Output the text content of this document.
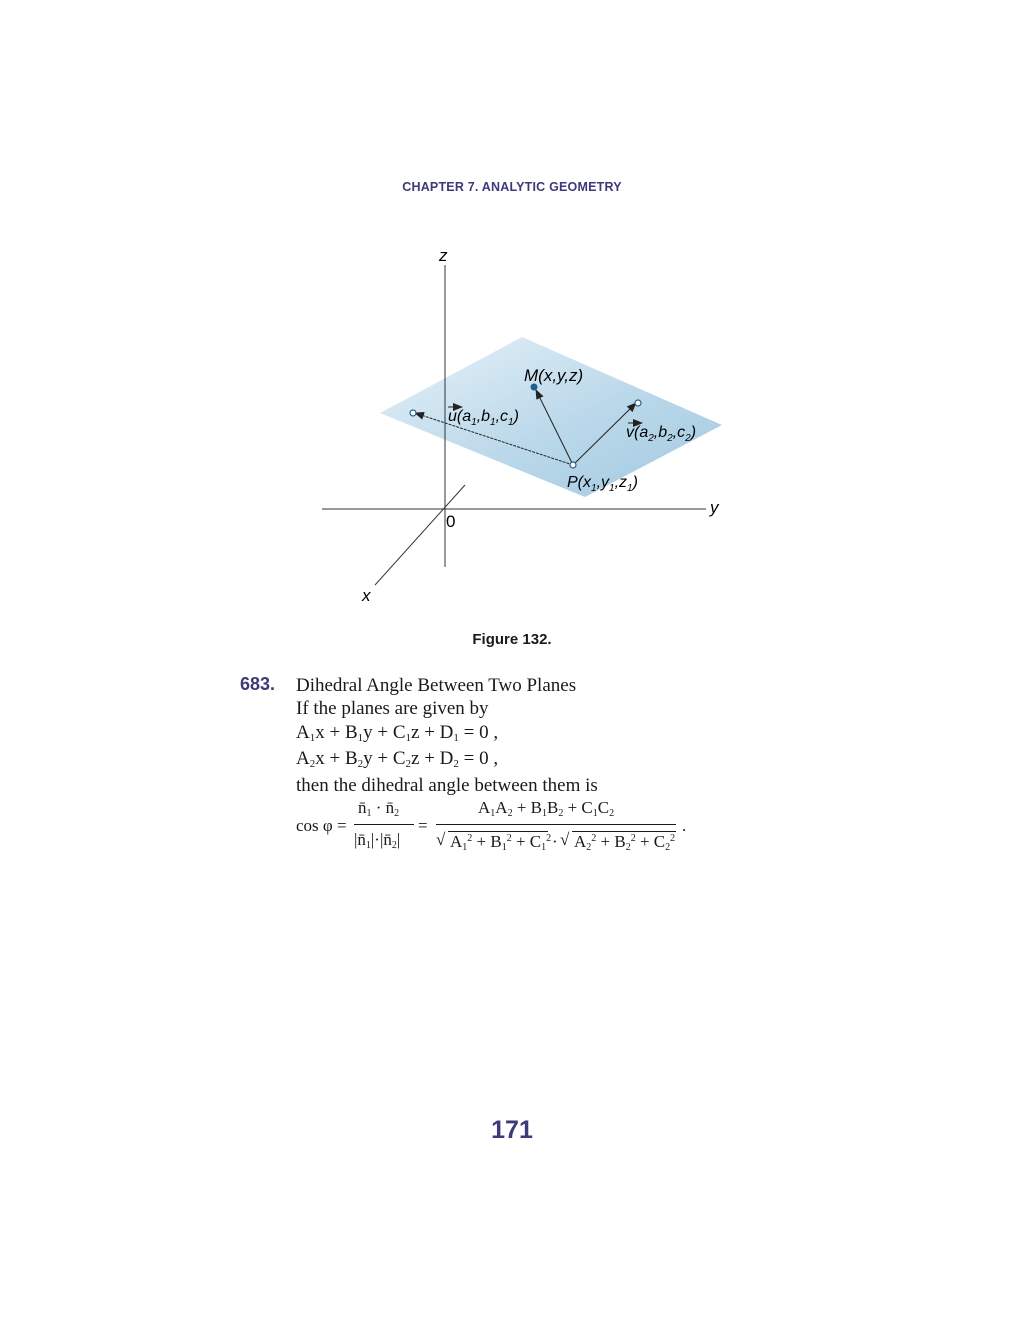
CHAPTER 7. ANALYTIC GEOMETRY
z
y
x
0
M(x,y,z)
$u(a_1,b_1,c_1)$
$v(a_2,b_2,c_2)$
$P(x_1,y_1,z_1)$
Figure 132.
683. Dihedral Angle Between Two Planes
If the planes are given by
$A_1x + B_1y + C_1z + D_1 = 0$ ,
$A_2x + B_2y + C_2z + D_2 = 0$ ,
then the dihedral angle between them is
cos φ =
n̄1 · n̄2
|n̄1|·|n̄2|
=
A1A2 + B1B2 + C1C2
√ $A1^2 + B1^2 + C1^2$ · √ $A2^2 + B2^2 + C2^2$
.
171
